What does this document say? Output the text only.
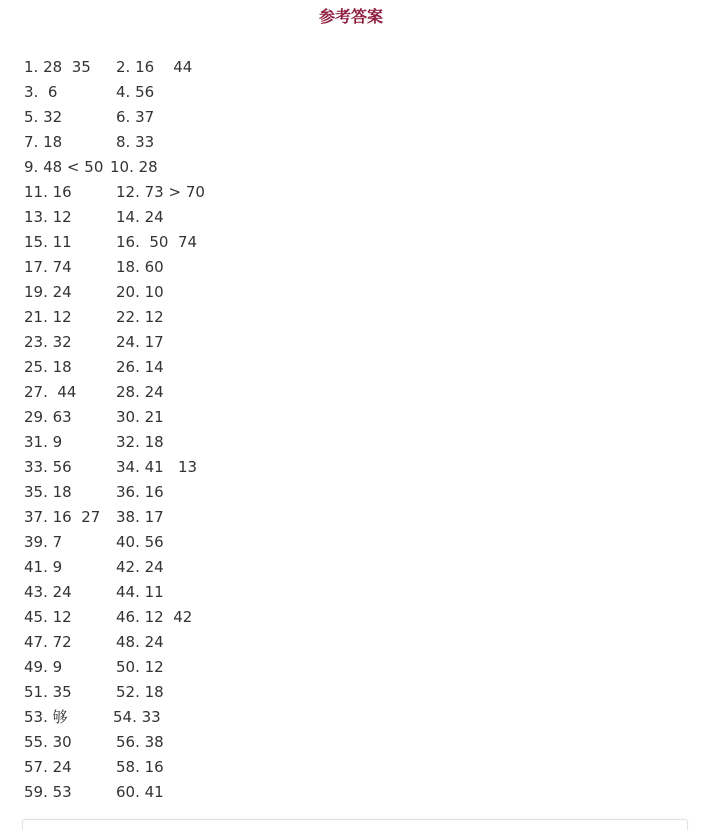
参考答案
1. 28  35 2. 16    44
3.  6	4. 56
5. 32	6. 37
7. 18	8. 33
9. 48 < 50 10. 28
11. 16	12. 73 > 70
13. 12	14. 24
15. 11	16.  50  74
17. 74	18. 60
19. 24	20. 10
21. 12	22. 12
23. 32	24. 17
25. 18	26. 14
27.  44	28. 24
29. 63	30. 21
31. 9	32. 18
33. 56	34. 41   13
35. 18	36. 16
37. 16  27 38. 17
39. 7	40. 56
41. 9	42. 24
43. 24	44. 11
45. 12	46. 12  42
47. 72	48. 24
49. 9	50. 12
51. 35	52. 18
53. 够	54. 33
55. 30	56. 38
57. 24	58. 16
59. 53	60. 41
